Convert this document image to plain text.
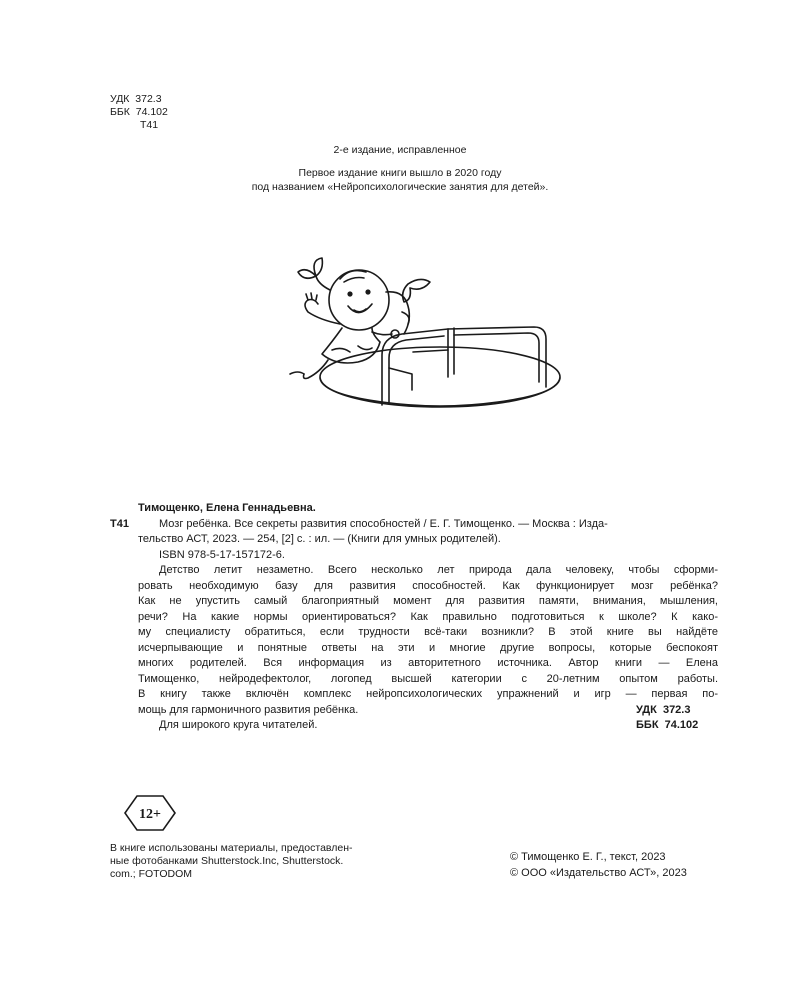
УДК  372.3
ББК  74.102
Т41
2-е издание, исправленное
Первое издание книги вышло в 2020 году
под названием «Нейропсихологические занятия для детей».
Тимощенко, Елена Геннадьевна.
Т41	Мозг ребёнка. Все секреты развития способностей / Е. Г. Тимощенко. — Москва : Изда-
тельство АСТ, 2023. — 254, [2] с. : ил. — (Книги для умных родителей).
ISBN 978-5-17-157172-6.
Детство летит незаметно. Всего несколько лет природа дала человеку, чтобы сформи-
ровать необходимую базу для развития способностей. Как функционирует мозг ребёнка?
Как не упустить самый благоприятный момент для развития памяти, внимания, мышления,
речи? На какие нормы ориентироваться? Как правильно подготовиться к школе? К како-
му специалисту обратиться, если трудности всё-таки возникли? В этой книге вы найдёте
исчерпывающие и понятные ответы на эти и многие другие вопросы, которые беспокоят
многих родителей. Вся информация из авторитетного источника. Автор книги — Елена
Тимощенко, нейродефектолог, логопед высшей категории с 20-летним опытом работы.
В книгу также включён комплекс нейропсихологических упражнений и игр — первая по-
мощь для гармоничного развития ребёнка.
Для широкого круга читателей.
УДК  372.3
ББК  74.102
12+
В книге использованы материалы, предоставлен-
ные фотобанками Shutterstock.Inc, Shutterstock.
com.; FOTODOM
© Тимощенко Е. Г., текст, 2023
© ООО «Издательство АСТ», 2023
